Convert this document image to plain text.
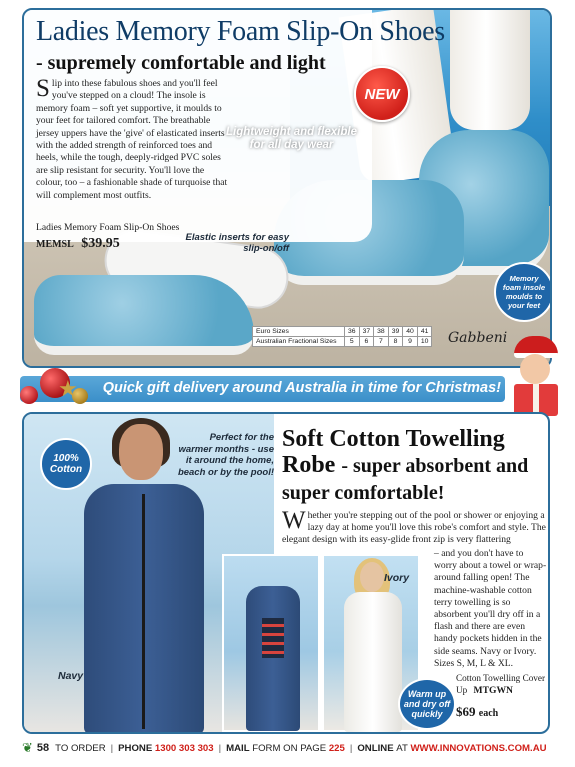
Ladies Memory Foam Slip-On Shoes
- supremely comfortable and light

Slip into these fabulous shoes and you'll feel you've stepped on a cloud! The insole is memory foam – soft yet supportive, it moulds to your feet for tailored comfort. The breathable jersey uppers have the 'give' of elasticated inserts with the added strength of reinforced toes and heels, while the tough, deeply-ridged PVC soles are slip resistant for security. You'll love the colour, too – a fashionable shade of turquoise that will complement most outfits.

Ladies Memory Foam Slip-On Shoes
MEMSL $39.95
Lightweight and flexible for all day wear
Elastic inserts for easy slip-on/off
NEW
Memory foam insole moulds to your feet
Euro Sizes	36	37	38	39	40	41
Australian Fractional Sizes	5	6	7	8	9	10 Gabbeni
★	Quick gift delivery around Australia in time for Christmas!
100% Cotton
Perfect for the warmer months - use it around the home, beach or by the pool!
Navy
Ivory
Warm up and dry off quickly
Soft Cotton Towelling Robe - super absorbent and super comfortable!

Whether you're stepping out of the pool or shower or enjoying a lazy day at home you'll love this robe's comfort and style. The elegant design with its easy-glide front zip is very flattering

– and you don't have to worry about a towel or wrap-around falling open! The machine-washable cotton terry towelling is so absorbent you'll dry off in a flash and there are even handy pockets hidden in the side seams. Navy or Ivory. Sizes S, M, L & XL.

Cotton Towelling Cover Up MTGWN
$69 each
❦ 58 TO ORDER | PHONE
1300 303 303 | MAIL
FORM ON PAGE
225 | ONLINE
AT
WWW.INNOVATIONS.COM.AU
